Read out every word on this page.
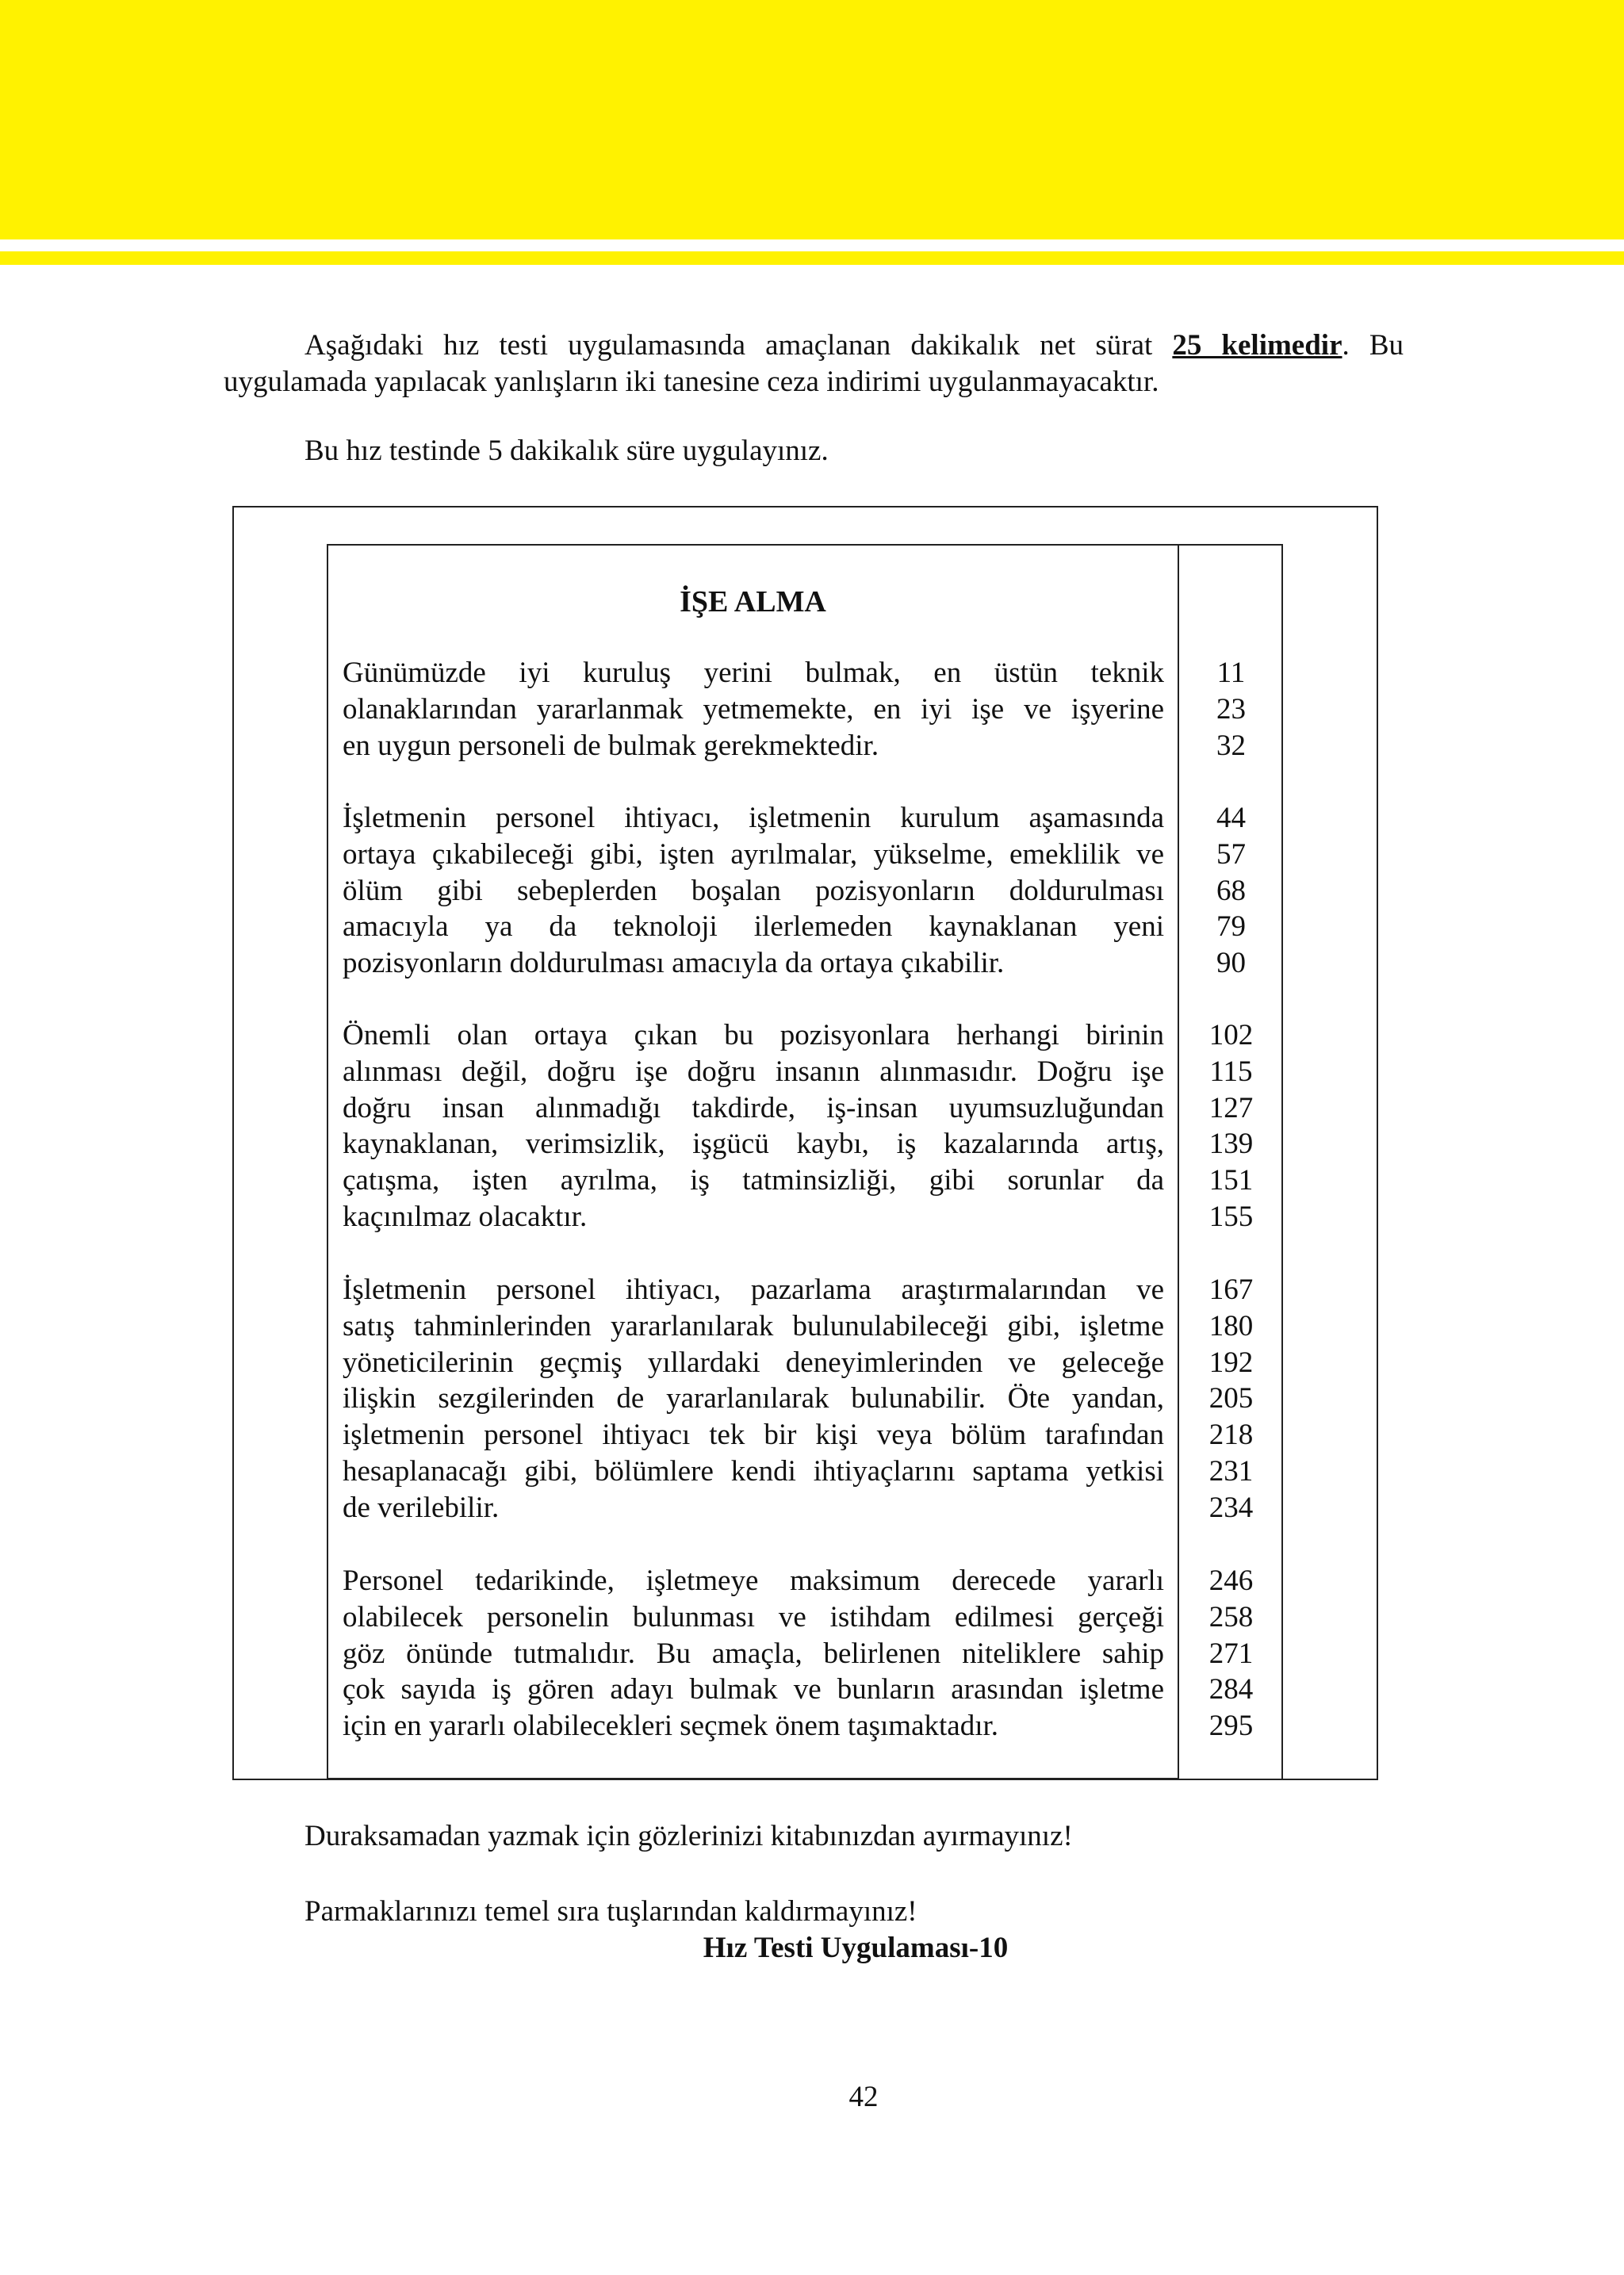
Aşağıdaki hız testi uygulamasında amaçlanan dakikalık net sürat 25 kelimedir. Bu uygulamada yapılacak yanlışların iki tanesine ceza indirimi uygulanmayacaktır.
Bu hız testinde 5 dakikalık süre uygulayınız.
İŞE ALMA
Günümüzde iyi kuruluş yerini bulmak, en üstün teknik
olanaklarından yararlanmak yetmemekte, en iyi işe ve işyerine
en uygun personeli de bulmak gerekmektedir.
İşletmenin personel ihtiyacı, işletmenin kurulum aşamasında
ortaya çıkabileceği gibi, işten ayrılmalar, yükselme, emeklilik ve
ölüm gibi sebeplerden boşalan pozisyonların doldurulması
amacıyla ya da teknoloji ilerlemeden kaynaklanan yeni
pozisyonların doldurulması amacıyla da ortaya çıkabilir.
Önemli olan ortaya çıkan bu pozisyonlara herhangi birinin
alınması değil, doğru işe doğru insanın alınmasıdır. Doğru işe
doğru insan alınmadığı takdirde, iş-insan uyumsuzluğundan
kaynaklanan, verimsizlik, işgücü kaybı, iş kazalarında artış,
çatışma, işten ayrılma, iş tatminsizliği, gibi sorunlar da
kaçınılmaz olacaktır.
İşletmenin personel ihtiyacı, pazarlama araştırmalarından ve
satış tahminlerinden yararlanılarak bulunulabileceği gibi, işletme
yöneticilerinin geçmiş yıllardaki deneyimlerinden ve geleceğe
ilişkin sezgilerinden de yararlanılarak bulunabilir. Öte yandan,
işletmenin personel ihtiyacı tek bir kişi veya bölüm tarafından
hesaplanacağı gibi, bölümlere kendi ihtiyaçlarını saptama yetkisi
de verilebilir.
Personel tedarikinde, işletmeye maksimum derecede yararlı
olabilecek personelin bulunması ve istihdam edilmesi gerçeği
göz önünde tutmalıdır. Bu amaçla, belirlenen niteliklere sahip
çok sayıda iş gören adayı bulmak ve bunların arasından işletme
için en yararlı olabilecekleri seçmek önem taşımaktadır.
11
23
32
44
57
68
79
90
102
115
127
139
151
155
167
180
192
205
218
231
234
246
258
271
284
295
Duraksamadan yazmak için gözlerinizi kitabınızdan ayırmayınız!
Parmaklarınızı temel sıra tuşlarından kaldırmayınız!
Hız Testi Uygulaması-10
42
